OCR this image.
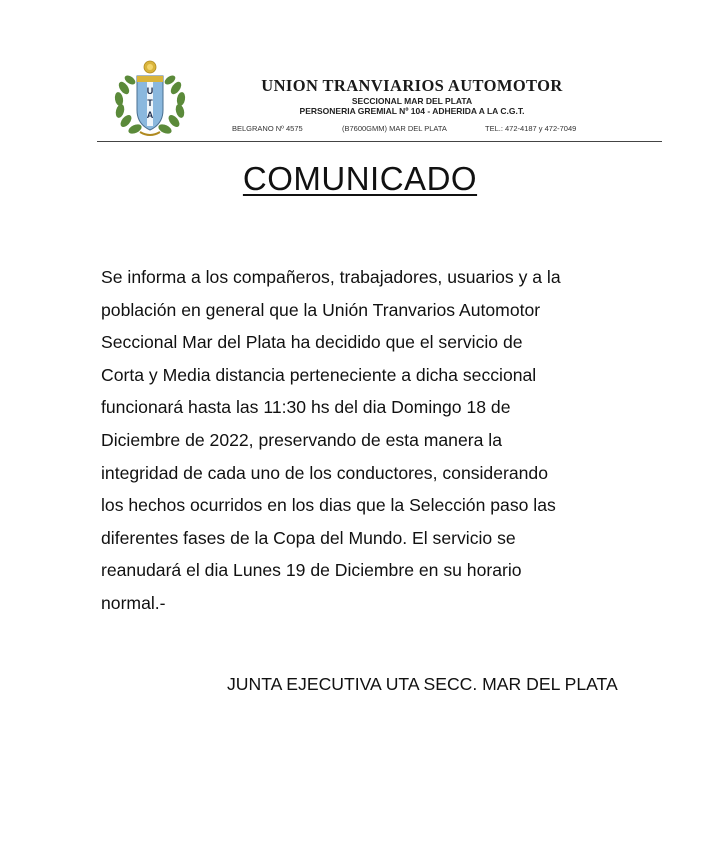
U
T
A
UNION TRANVIARIOS AUTOMOTOR
SECCIONAL MAR DEL PLATA
PERSONERIA GREMIAL Nº 104 - ADHERIDA A LA C.G.T.
BELGRANO Nº 4575	(B7600GMM) MAR DEL PLATA	TEL.: 472-4187 y 472-7049
COMUNICADO
Se informa a los compañeros, trabajadores, usuarios y a la
población en general que la Unión Tranvarios Automotor
Seccional Mar del Plata ha decidido que el servicio de
Corta y Media distancia perteneciente a dicha seccional
funcionará hasta las 11:30 hs del dia Domingo 18 de
Diciembre de 2022, preservando de esta manera la
integridad de cada uno de los conductores, considerando
los hechos ocurridos en los dias que la Selección paso las
diferentes fases de la Copa del Mundo. El servicio se
reanudará el dia Lunes 19 de Diciembre en su horario
normal.-
JUNTA EJECUTIVA UTA SECC. MAR DEL PLATA
